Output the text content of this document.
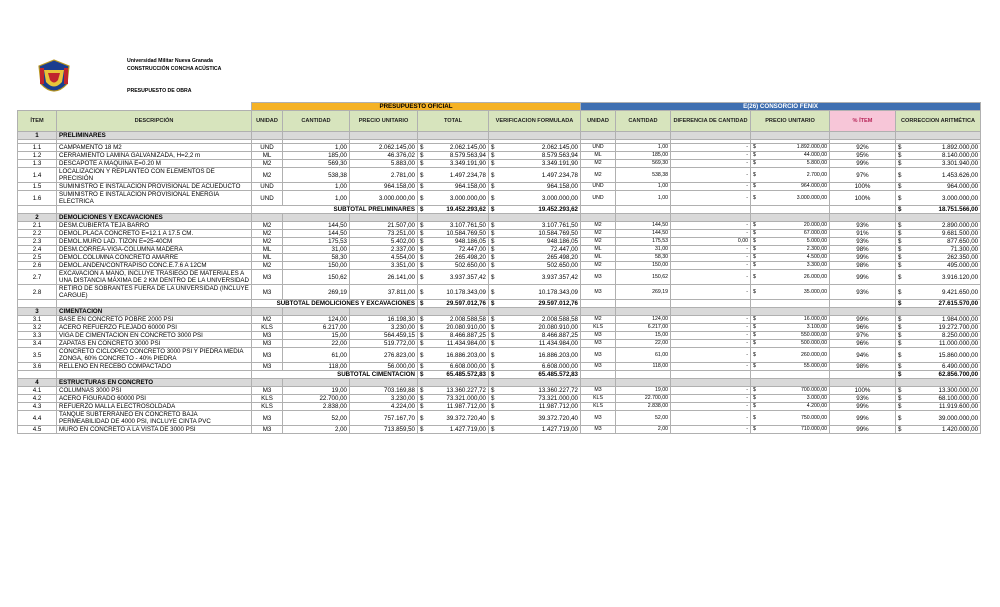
Universidad Militar Nueva Granada
CONSTRUCCIÓN CONCHA ACÚSTICA
PRESUPUESTO DE OBRA
		PRESUPUESTO OFICIAL					E(26) CONSORCIO FENIX					
ÍTEM	DESCRIPCIÓN	UNIDAD	CANTIDAD	PRECIO UNITARIO	TOTAL	VERIFICACION FORMULADA	UNIDAD	CANTIDAD	DIFERENCIA DE CANTIDAD	PRECIO UNITARIO	% ÍTEM	CORRECCION ARITMÉTICA
1	PRELIMINARES											

1.1	CAMPAMENTO 18 M2	UND	1,00	2.062.145,00	$ 2.062.145,00	$ 2.062.145,00	UND	1,00	-	$ 1.892.000,00	92%	$ 1.892.000,00
1.2	CERRAMIENTO LAMINA GALVANIZADA, H=2,2 m	ML	185,00	46.376,02	$ 8.579.563,94	$ 8.579.563,94	ML	185,00	-	$ 44.000,00	95%	$ 8.140.000,00
1.3	DESCAPOTE A MAQUINA E=0.20 M	M2	569,30	5.883,00	$ 3.349.191,90	$ 3.349.191,90	M2	569,30	-	$ 5.800,00	99%	$ 3.301.940,00
1.4	LOCALIZACIÓN Y REPLANTEO CON ELEMENTOS DE PRECISIÓN	M2	538,38	2.781,00	$ 1.497.234,78	$ 1.497.234,78	M2	538,38	-	$ 2.700,00	97%	$ 1.453.626,00
1.5	SUMINISTRO E INSTALACION PROVISIONAL DE ACUEDUCTO	UND	1,00	964.158,00	$ 964.158,00	$ 964.158,00	UND	1,00	-	$ 964.000,00	100%	$ 964.000,00
1.6	SUMINISTRO E INSTALACION PROVISIONAL ENERGIA ELECTRICA	UND	1,00	3.000.000,00	$ 3.000.000,00	$ 3.000.000,00	UND	1,00	-	$ 3.000.000,00	100%	$ 3.000.000,00
		SUBTOTAL PRELIMINARES			$ 19.452.293,62	$ 19.452.293,62						$ 18.751.566,00
2	DEMOLICIONES Y EXCAVACIONES											
2.1	DESM.CUBIERTA TEJA BARRO	M2	144,50	21.507,00	$ 3.107.761,50	$ 3.107.761,50	M2	144,50	-	$ 20.000,00	93%	$ 2.890.000,00
2.2	DEMOL.PLACA CONCRETO E=12.1 A 17.5 CM.	M2	144,50	73.251,00	$ 10.584.769,50	$ 10.584.769,50	M2	144,50	-	$ 67.000,00	91%	$ 9.681.500,00
2.3	DEMOL.MURO LAD. TIZON E=25-40CM	M2	175,53	5.402,00	$ 948.186,05	$ 948.186,05	M2	175,53	0,00	$ 5.000,00	93%	$ 877.650,00
2.4	DESM.CORREA-VIGA-COLUMNA MADERA	ML	31,00	2.337,00	$ 72.447,00	$ 72.447,00	ML	31,00	-	$ 2.300,00	98%	$ 71.300,00
2.5	DEMOL.COLUMNA CONCRETO AMARRE	ML	58,30	4.554,00	$ 265.498,20	$ 265.498,20	ML	58,30	-	$ 4.500,00	99%	$ 262.350,00
2.6	DEMOL.ANDEN/CONTRAPISO CONC.E.7.6 A 12CM	M2	150,00	3.351,00	$ 502.650,00	$ 502.650,00	M2	150,00	-	$ 3.300,00	98%	$ 495.000,00
2.7	EXCAVACION A MANO, INCLUYE TRASIEGO DE MATERIALES A UNA DISTANCIA MÁXIMA DE 2 KM DENTRO DE LA UNIVERSIDAD	M3	150,62	26.141,00	$ 3.937.357,42	$ 3.937.357,42	M3	150,62	-	$ 26.000,00	99%	$ 3.916.120,00
2.8	RETIRO DE SOBRANTES FUERA DE LA UNIVERSIDAD (INCLUYE CARGUE)	M3	269,19	37.811,00	$ 10.178.343,09	$ 10.178.343,09	M3	269,19	-	$ 35.000,00	93%	$ 9.421.650,00
		SUBTOTAL DEMOLICIONES Y EXCAVACIONES			$ 29.597.012,76	$ 29.597.012,76						$ 27.615.570,00
3	CIMENTACION											
3.1	BASE EN CONCRETO POBRE 2000 PSI	M2	124,00	16.198,30	$ 2.008.588,58	$ 2.008.588,58	M2	124,00	-	$ 16.000,00	99%	$ 1.984.000,00
3.2	ACERO REFUERZO FLEJADO 60000 PSI	KLS	6.217,00	3.230,00	$ 20.080.910,00	$ 20.080.910,00	KLS	6.217,00	-	$ 3.100,00	96%	$ 19.272.700,00
3.3	VIGA DE CIMENTACION EN CONCRETO 3000 PSI	M3	15,00	564.459,15	$ 8.466.887,25	$ 8.466.887,25	M3	15,00	-	$ 550.000,00	97%	$ 8.250.000,00
3.4	ZAPATAS EN CONCRETO 3000 PSI	M3	22,00	519.772,00	$ 11.434.984,00	$ 11.434.984,00	M3	22,00	-	$ 500.000,00	96%	$ 11.000.000,00
3.5	CONCRETO CICLÓPEO CONCRETO 3000 PSI Y PIEDRA MEDIA ZONGA, 60% CONCRETO - 40% PIEDRA	M3	61,00	276.823,00	$ 16.886.203,00	$ 16.886.203,00	M3	61,00	-	$ 260.000,00	94%	$ 15.860.000,00
3.6	RELLENO EN RECEBO COMPACTADO	M3	118,00	56.000,00	$ 6.608.000,00	$ 6.608.000,00	M3	118,00	-	$ 55.000,00	98%	$ 6.490.000,00
		SUBTOTAL CIMENTACION			$ 65.485.572,83	$ 65.485.572,83						$ 62.856.700,00
4	ESTRUCTURAS EN CONCRETO											
4.1	COLUMNAS 3000 PSI	M3	19,00	703.169,88	$ 13.360.227,72	$ 13.360.227,72	M3	19,00	-	$ 700.000,00	100%	$ 13.300.000,00
4.2	ACERO FIGURADO 60000 PSI	KLS	22.700,00	3.230,00	$ 73.321.000,00	$ 73.321.000,00	KLS	22.700,00	-	$ 3.000,00	93%	$ 68.100.000,00
4.3	REFUERZO MALLA ELECTROSOLDADA	KLS	2.838,00	4.224,00	$ 11.987.712,00	$ 11.987.712,00	KLS	2.838,00	-	$ 4.200,00	99%	$ 11.919.600,00
4.4	TANQUE SUBTERRÁNEO EN CONCRETO BAJA PERMEABILIDAD DE 4000 PSI, INCLUYE CINTA PVC	M3	52,00	757.167,70	$ 39.372.720,40	$ 39.372.720,40	M3	52,00	-	$ 750.000,00	99%	$ 39.000.000,00
4.5	MURO EN CONCRETO A LA VISTA DE 3000 PSI	M3	2,00	713.859,50	$ 1.427.719,00	$ 1.427.719,00	M3	2,00	-	$ 710.000,00	99%	$ 1.420.000,00
